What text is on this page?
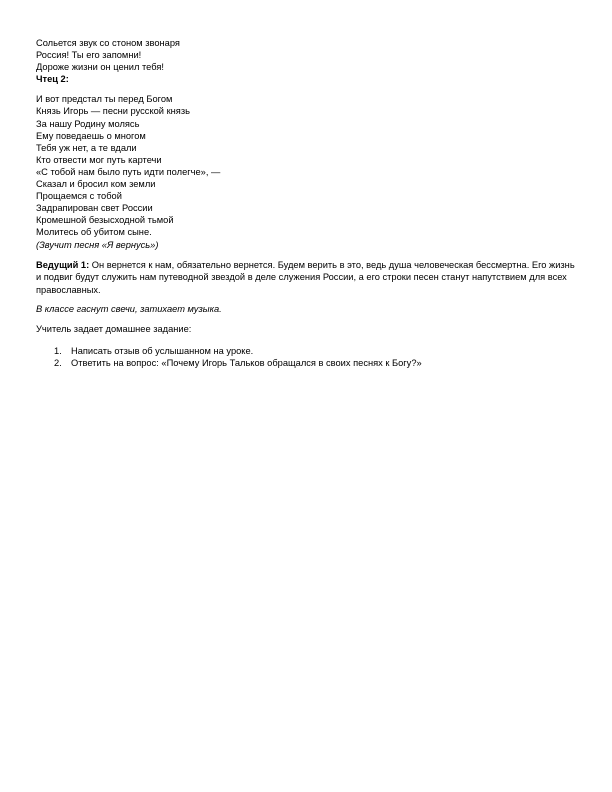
Сольется звук со стоном звонаря
Россия! Ты его запомни!
Дороже жизни он ценил тебя!
Чтец 2:
И вот предстал ты перед Богом
Князь Игорь — песни русской князь
За нашу Родину молясь
Ему поведаешь о многом
Тебя уж нет, а те вдали
Кто отвести мог путь картечи
«С тобой нам было путь идти полегче», —
Сказал и бросил ком земли
Прощаемся с тобой
Задрапирован свет России
Кромешной безысходной тьмой
Молитесь об убитом сыне.
(Звучит песня «Я вернусь»)

Ведущий 1: Он вернется к нам, обязательно вернется. Будем верить в это, ведь душа человеческая бессмертна. Его жизнь и подвиг будут служить нам путеводной звездой в деле служения России, а его строки песен станут напутствием для всех православных.

В классе гаснут свечи, затихает музыка.

Учитель задает домашнее задание:

1. Написать отзыв об услышанном на уроке.
2. Ответить на вопрос: «Почему Игорь Тальков обращался в своих песнях к Богу?»
